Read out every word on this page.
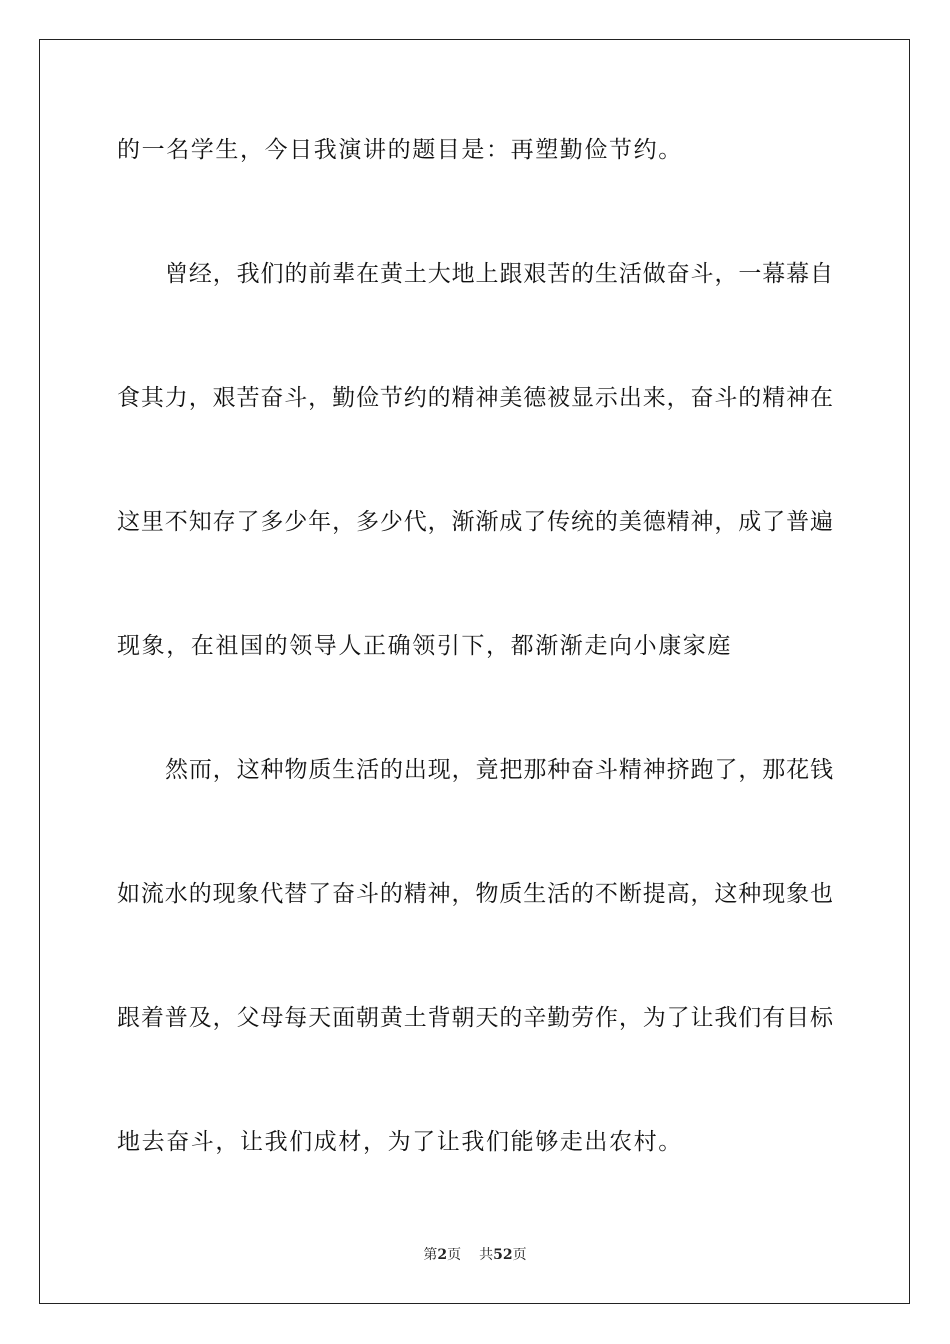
的一名学生，今日我演讲的题目是：再塑勤俭节约。
曾经，我们的前辈在黄土大地上跟艰苦的生活做奋斗，一幕幕自
食其力，艰苦奋斗，勤俭节约的精神美德被显示出来，奋斗的精神在
这里不知存了多少年，多少代，渐渐成了传统的美德精神，成了普遍
现象，在祖国的领导人正确领引下，都渐渐走向小康家庭
然而，这种物质生活的出现，竟把那种奋斗精神挤跑了，那花钱
如流水的现象代替了奋斗的精神，物质生活的不断提高，这种现象也
跟着普及，父母每天面朝黄土背朝天的辛勤劳作，为了让我们有目标
地去奋斗，让我们成材，为了让我们能够走出农村。
第2页 共52页
